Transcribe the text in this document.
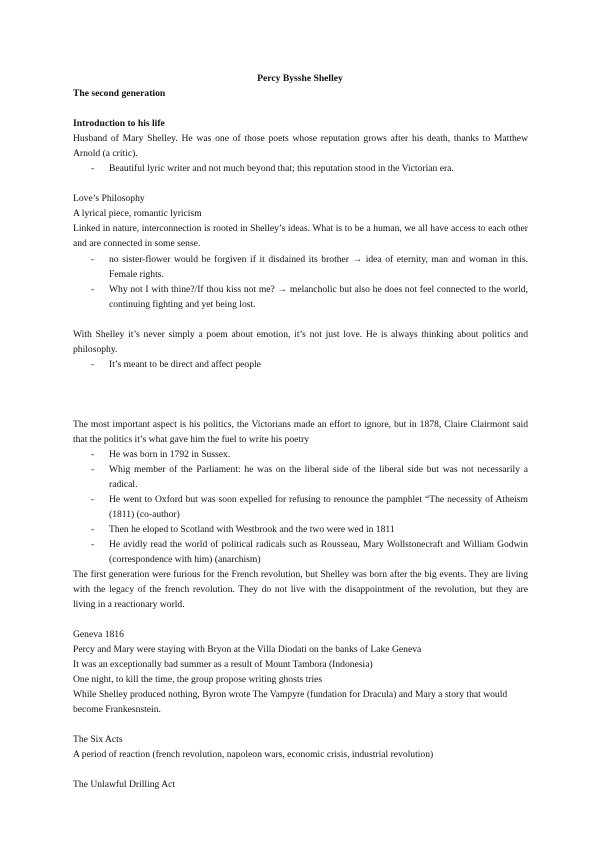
Percy Bysshe Shelley

The second generation

Introduction to his life

Husband of Mary Shelley. He was one of those poets whose reputation grows after his death, thanks to Matthew Arnold (a critic).

-	Beautiful lyric writer and not much beyond that; this reputation stood in the Victorian era.

Love’s Philosophy

A lyrical piece, romantic lyricism

Linked in nature, interconnection is rooted in Shelley’s ideas. What is to be a human, we all have access to each other and are connected in some sense.

-	no sister-flower would be forgiven if it disdained its brother → idea of eternity, man and woman in this. Female rights.

-	Why not I with thine?/If thou kiss not me? → melancholic but also he does not feel connected to the world, continuing fighting and yet being lost.

With Shelley it’s never simply a poem about emotion, it’s not just love. He is always thinking about politics and philosophy.

-	It’s meant to be direct and affect people

The most important aspect is his politics, the Victorians made an effort to ignore, but in 1878, Claire Clairmont said that the politics it’s what gave him the fuel to write his poetry

-	He was born in 1792 in Sussex.

-	Whig member of the Parliament: he was on the liberal side of the liberal side but was not necessarily a radical.

-	He went to Oxford but was soon expelled for refusing to renounce the pamphlet “The necessity of Atheism (1811) (co-author)

-	Then he eloped to Scotland with Westbrook and the two were wed in 1811

-	He avidly read the world of political radicals such as Rousseau, Mary Wollstonecraft and William Godwin (correspondence with him) (anarchism)

The first generation were furious for the French revolution, but Shelley was born after the big events. They are living with the legacy of the french revolution. They do not live with the disappointment of the revolution, but they are living in a reactionary world.

Geneva 1816

Percy and Mary were staying with Bryon at the Villa Diodati on the banks of Lake Geneva

It was an exceptionally bad summer as a result of Mount Tambora (Indonesia)

One night, to kill the time, the group propose writing ghosts tries

While Shelley produced nothing, Byron wrote The Vampyre (fundation for Dracula) and Mary a story that would become Frankesnstein.

The Six Acts

A period of reaction (french revolution, napoleon wars, economic crisis, industrial revolution)

The Unlawful Drilling Act
